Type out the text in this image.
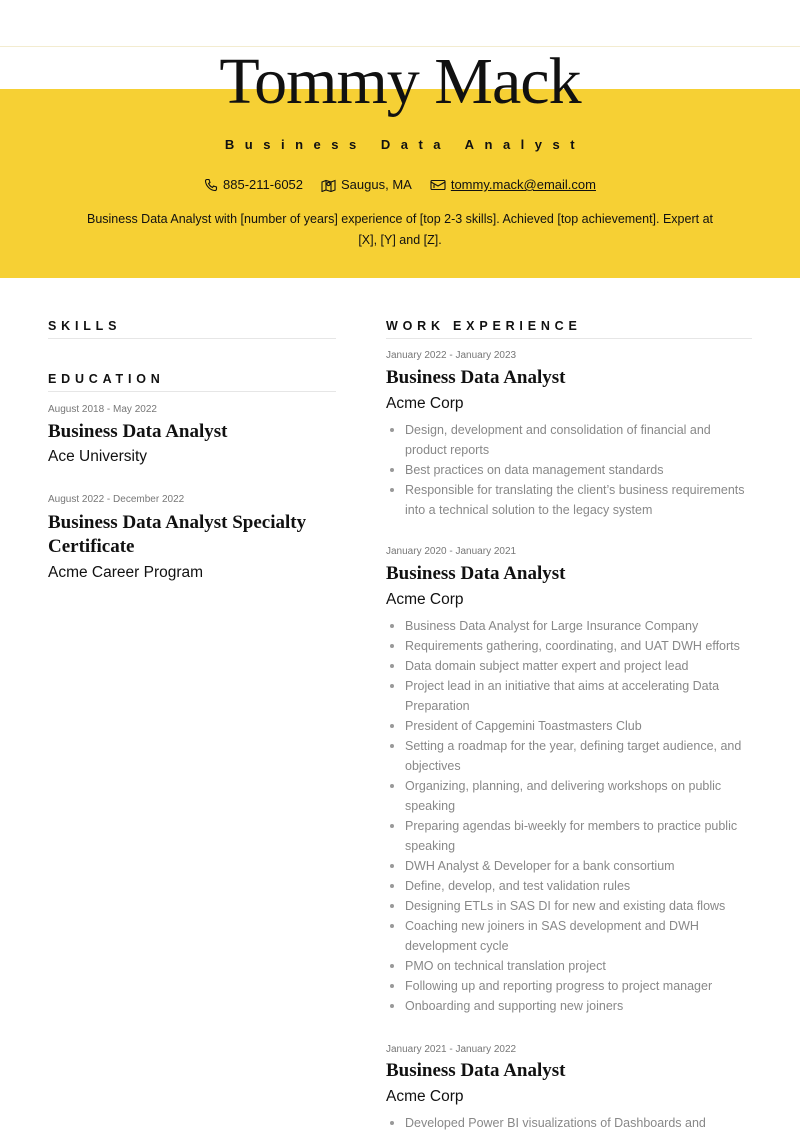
Tommy Mack
Business Data Analyst
885-211-6052	Saugus, MA	tommy.mack@email.com
Business Data Analyst with [number of years] experience of [top 2-3 skills]. Achieved [top achievement]. Expert at [X], [Y] and [Z].
SKILLS
EDUCATION
August 2018 - May 2022
Business Data Analyst
Ace University
August 2022 - December 2022
Business Data Analyst Specialty Certificate
Acme Career Program
WORK EXPERIENCE
January 2022 - January 2023
Business Data Analyst
Acme Corp
Design, development and consolidation of financial and product reports
Best practices on data management standards
Responsible for translating the client’s business requirements into a technical solution to the legacy system
January 2020 - January 2021
Business Data Analyst
Acme Corp
Business Data Analyst for Large Insurance Company
Requirements gathering, coordinating, and UAT DWH efforts
Data domain subject matter expert and project lead
Project lead in an initiative that aims at accelerating Data Preparation
President of Capgemini Toastmasters Club
Setting a roadmap for the year, defining target audience, and objectives
Organizing, planning, and delivering workshops on public speaking
Preparing agendas bi-weekly for members to practice public speaking
DWH Analyst & Developer for a bank consortium
Define, develop, and test validation rules
Designing ETLs in SAS DI for new and existing data flows
Coaching new joiners in SAS development and DWH development cycle
PMO on technical translation project
Following up and reporting progress to project manager
Onboarding and supporting new joiners
January 2021 - January 2022
Business Data Analyst
Acme Corp
Developed Power BI visualizations of Dashboards and
